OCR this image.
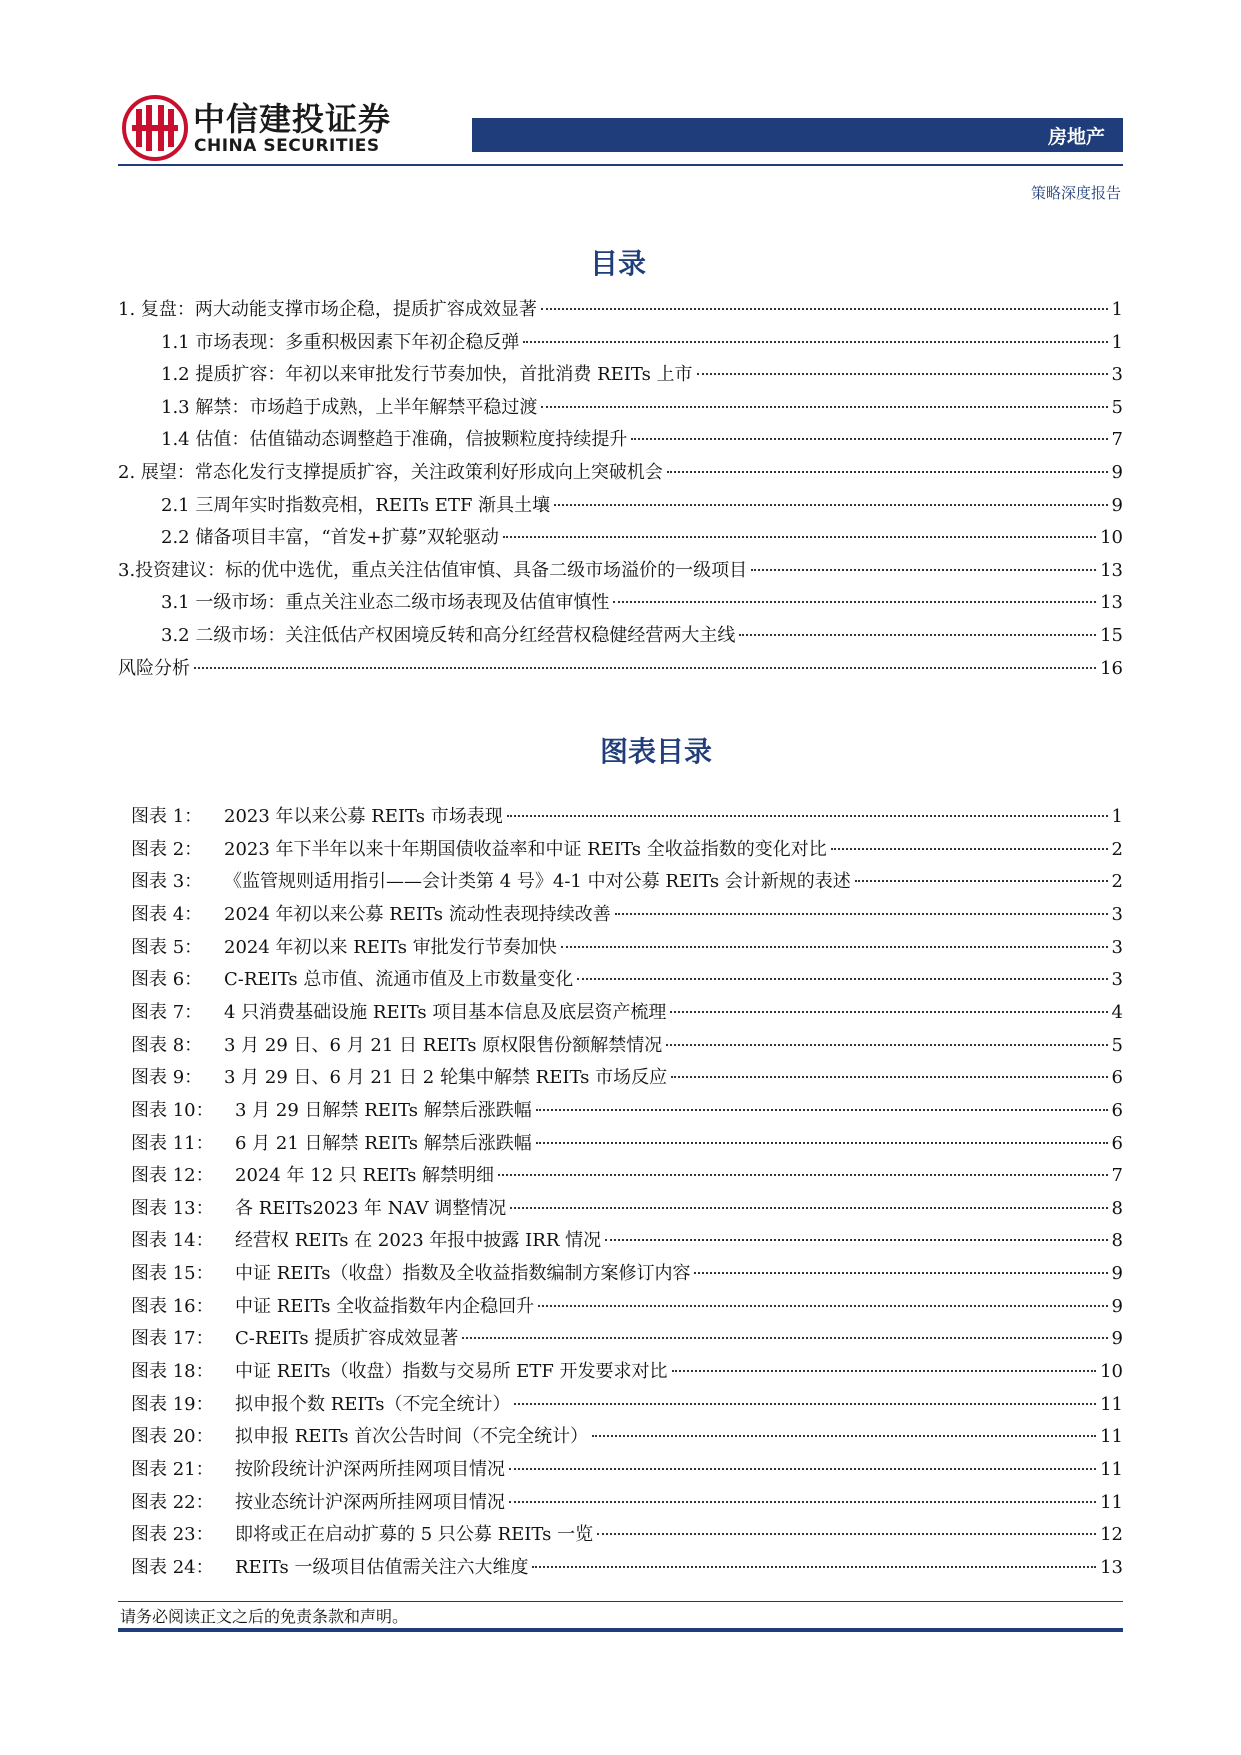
中信建投证券
CHINA SECURITIES	房地产
策略深度报告
目录
1. 复盘：两大动能支撑市场企稳，提质扩容成效显著	1
1.1 市场表现：多重积极因素下年初企稳反弹	1
1.2 提质扩容：年初以来审批发行节奏加快，首批消费 REITs 上市	3
1.3 解禁：市场趋于成熟，上半年解禁平稳过渡	5
1.4 估值：估值锚动态调整趋于准确，信披颗粒度持续提升	7
2. 展望：常态化发行支撑提质扩容，关注政策利好形成向上突破机会	9
2.1 三周年实时指数亮相，REITs ETF 渐具土壤	9
2.2 储备项目丰富，“首发+扩募”双轮驱动	10
3.投资建议：标的优中选优，重点关注估值审慎、具备二级市场溢价的一级项目	13
3.1 一级市场：重点关注业态二级市场表现及估值审慎性	13
3.2 二级市场：关注低估产权困境反转和高分红经营权稳健经营两大主线	15
风险分析	16
图表目录
图表 1：	2023 年以来公募 REITs 市场表现	1
图表 2：	2023 年下半年以来十年期国债收益率和中证 REITs 全收益指数的变化对比	2
图表 3：	《监管规则适用指引——会计类第 4 号》4-1 中对公募 REITs 会计新规的表述	2
图表 4：	2024 年初以来公募 REITs 流动性表现持续改善	3
图表 5：	2024 年初以来 REITs 审批发行节奏加快	3
图表 6：	C-REITs 总市值、流通市值及上市数量变化	3
图表 7：	4 只消费基础设施 REITs 项目基本信息及底层资产梳理	4
图表 8：	3 月 29 日、6 月 21 日 REITs 原权限售份额解禁情况	5
图表 9：	3 月 29 日、6 月 21 日 2 轮集中解禁 REITs 市场反应	6
图表 10：	3 月 29 日解禁 REITs 解禁后涨跌幅	6
图表 11：	6 月 21 日解禁 REITs 解禁后涨跌幅	6
图表 12：	2024 年 12 只 REITs 解禁明细	7
图表 13：	各 REITs2023 年 NAV 调整情况	8
图表 14：	经营权 REITs 在 2023 年报中披露 IRR 情况	8
图表 15：	中证 REITs（收盘）指数及全收益指数编制方案修订内容	9
图表 16：	中证 REITs 全收益指数年内企稳回升	9
图表 17：	C-REITs 提质扩容成效显著	9
图表 18：	中证 REITs（收盘）指数与交易所 ETF 开发要求对比	10
图表 19：	拟申报个数 REITs（不完全统计）	11
图表 20：	拟申报 REITs 首次公告时间（不完全统计）	11
图表 21：	按阶段统计沪深两所挂网项目情况	11
图表 22：	按业态统计沪深两所挂网项目情况	11
图表 23：	即将或正在启动扩募的 5 只公募 REITs 一览	12
图表 24：	REITs 一级项目估值需关注六大维度	13
请务必阅读正文之后的免责条款和声明。
